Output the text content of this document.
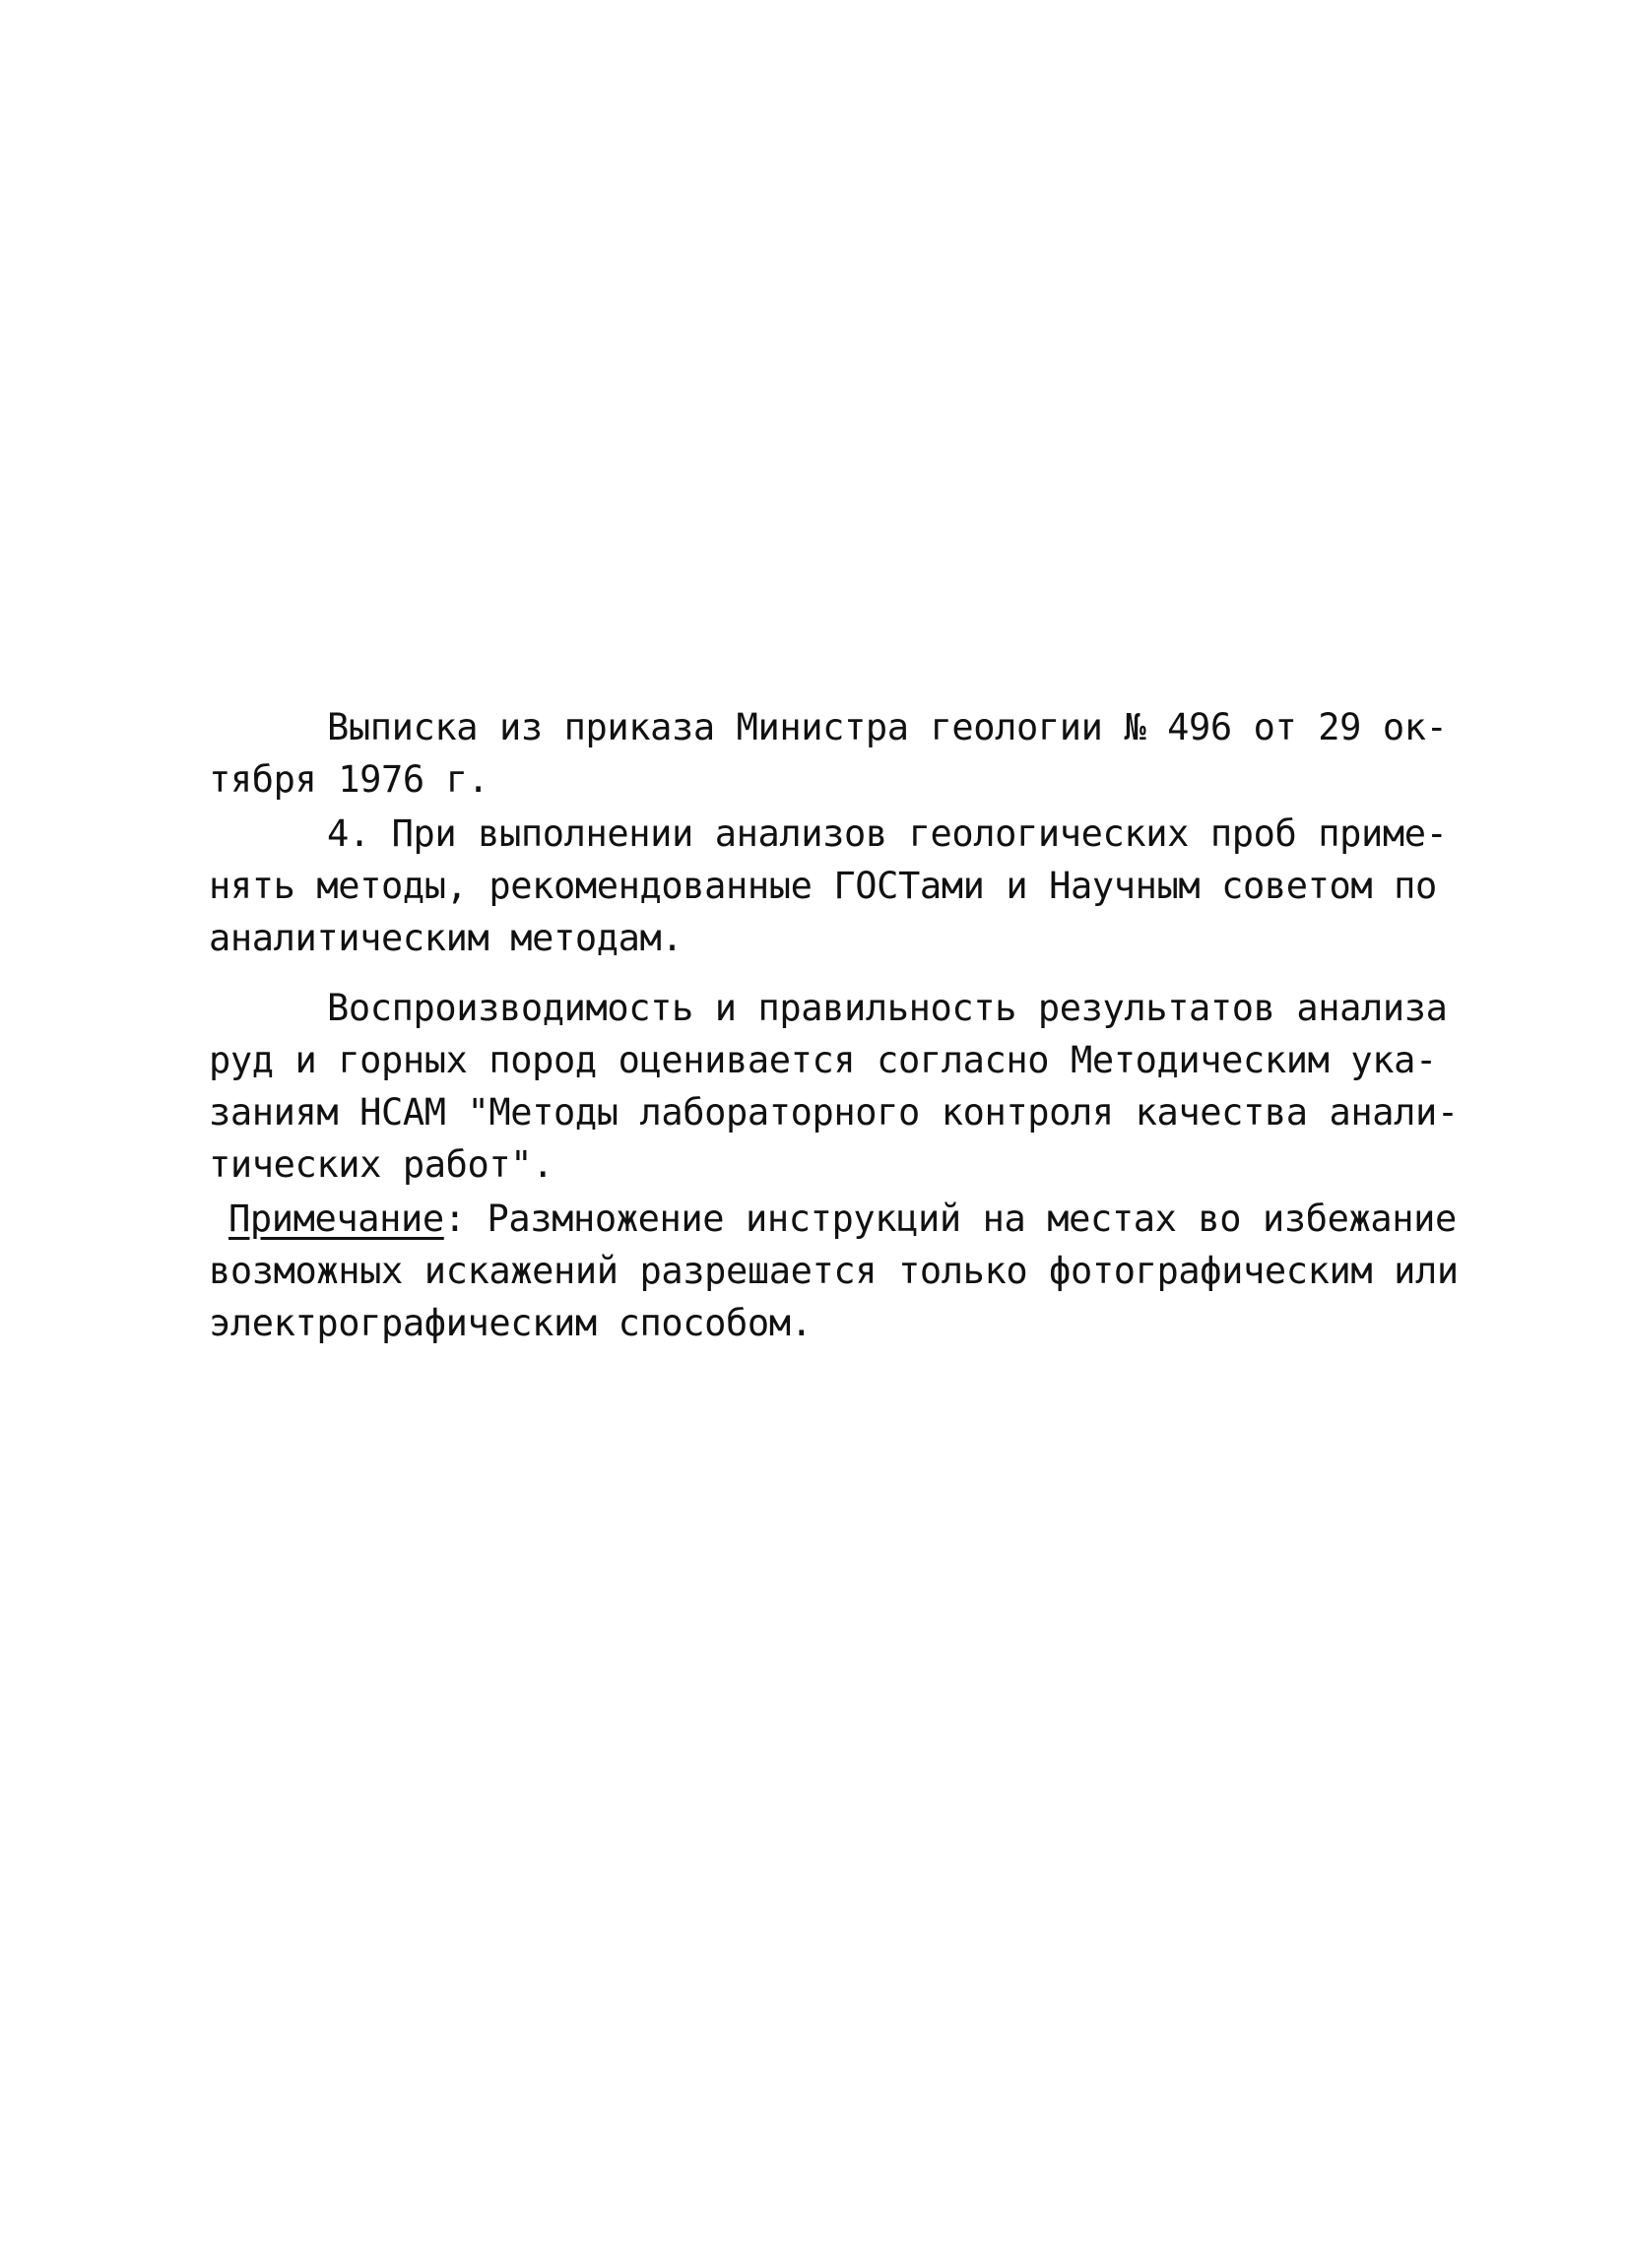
Выписка из приказа Министра геологии № 496 от 29 ок-
тября 1976 г.
4. При выполнении анализов геологических проб приме-
нять методы, рекомендованные ГОСТами и Научным советом по
аналитическим методам.
Воспроизводимость и правильность результатов анализа
руд и горных пород оценивается согласно Методическим ука-
заниям НСАМ "Методы лабораторного контроля качества анали-
тических работ".
Примечание: Размножение инструкций на местах во избежание
возможных искажений разрешается только фотографическим или
электрографическим способом.
